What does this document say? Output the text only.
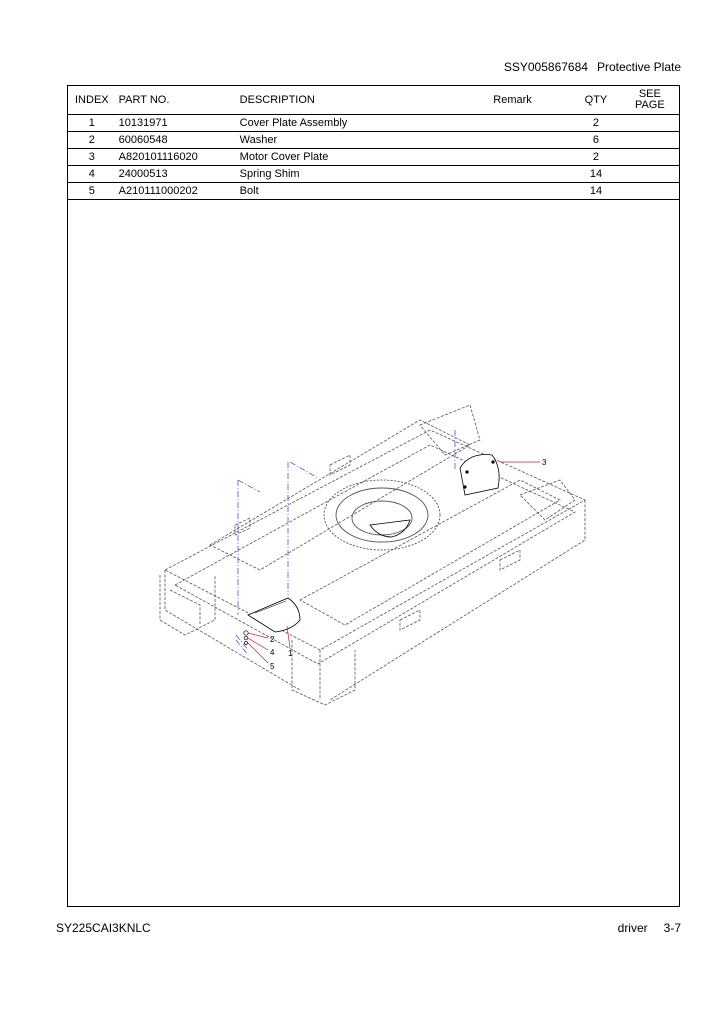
SSY005867684 Protective Plate
INDEX	PART NO.	DESCRIPTION	Remark	QTY	SEE
PAGE
1	10131971	Cover Plate Assembly		2	
2	60060548	Washer		6	
3	A820101116020	Motor Cover Plate		2	
4	24000513	Spring Shim		14	
5	A210111000202	Bolt		14	
3
1
2
4
5
SY225CAI3KNLC	driver 3-7
